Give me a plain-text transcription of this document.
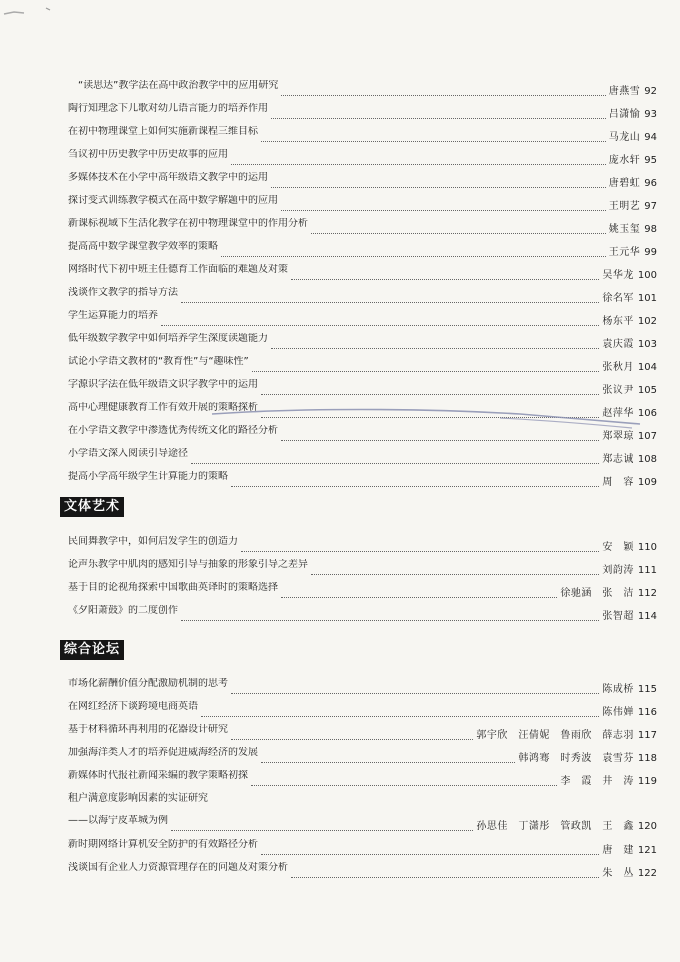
“读思达”教学法在高中政治教学中的应用研究
唐燕雪 92
陶行知理念下儿歌对幼儿语言能力的培养作用
吕潇愉 93
在初中物理课堂上如何实施新课程三维目标
马龙山 94
刍议初中历史教学中历史故事的应用
庞水轩 95
多媒体技术在小学中高年级语文教学中的运用
唐碧虹 96
探讨变式训练教学模式在高中数学解题中的应用
王明艺 97
新课标视域下生活化教学在初中物理课堂中的作用分析
姚玉玺 98
提高高中数学课堂教学效率的策略
王元华 99
网络时代下初中班主任德育工作面临的难题及对策
吴华龙 100
浅谈作文教学的指导方法
徐名军 101
学生运算能力的培养
杨东平 102
低年级数学教学中如何培养学生深度读题能力
袁庆霞 103
试论小学语文教材的“教育性”与“趣味性”
张秋月 104
字源识字法在低年级语文识字教学中的运用
张议尹 105
高中心理健康教育工作有效开展的策略探析
赵萍华 106
在小学语文教学中渗透优秀传统文化的路径分析
郑翠琼 107
小学语文深入阅读引导途径
郑志诚 108
提高小学高年级学生计算能力的策略
周　容 109
文体艺术
民间舞教学中，如何启发学生的创造力
安　颖 110
论声乐教学中肌肉的感知引导与抽象的形象引导之差异
刘韵涛 111
基于目的论视角探索中国歌曲英译时的策略选择
徐驰涵　张　洁 112
《夕阳萧鼓》的二度创作
张智超 114
综合论坛
市场化薪酬价值分配激励机制的思考
陈成桥 115
在网红经济下谈跨境电商英语
陈伟婵 116
基于材料循环再利用的花器设计研究
郭宇欣　汪倩妮　鲁雨欣　薛志羽 117
加强海洋类人才的培养促进威海经济的发展
韩鸿骞　时秀波　袁雪芬 118
新媒体时代报社新闻采编的教学策略初探
李　霞　井　涛 119
租户满意度影响因素的实证研究
——以海宁皮革城为例
孙思佳　丁潇彤　管政凯　王　鑫 120
新时期网络计算机安全防护的有效路径分析
唐　建 121
浅谈国有企业人力资源管理存在的问题及对策分析
朱　丛 122
